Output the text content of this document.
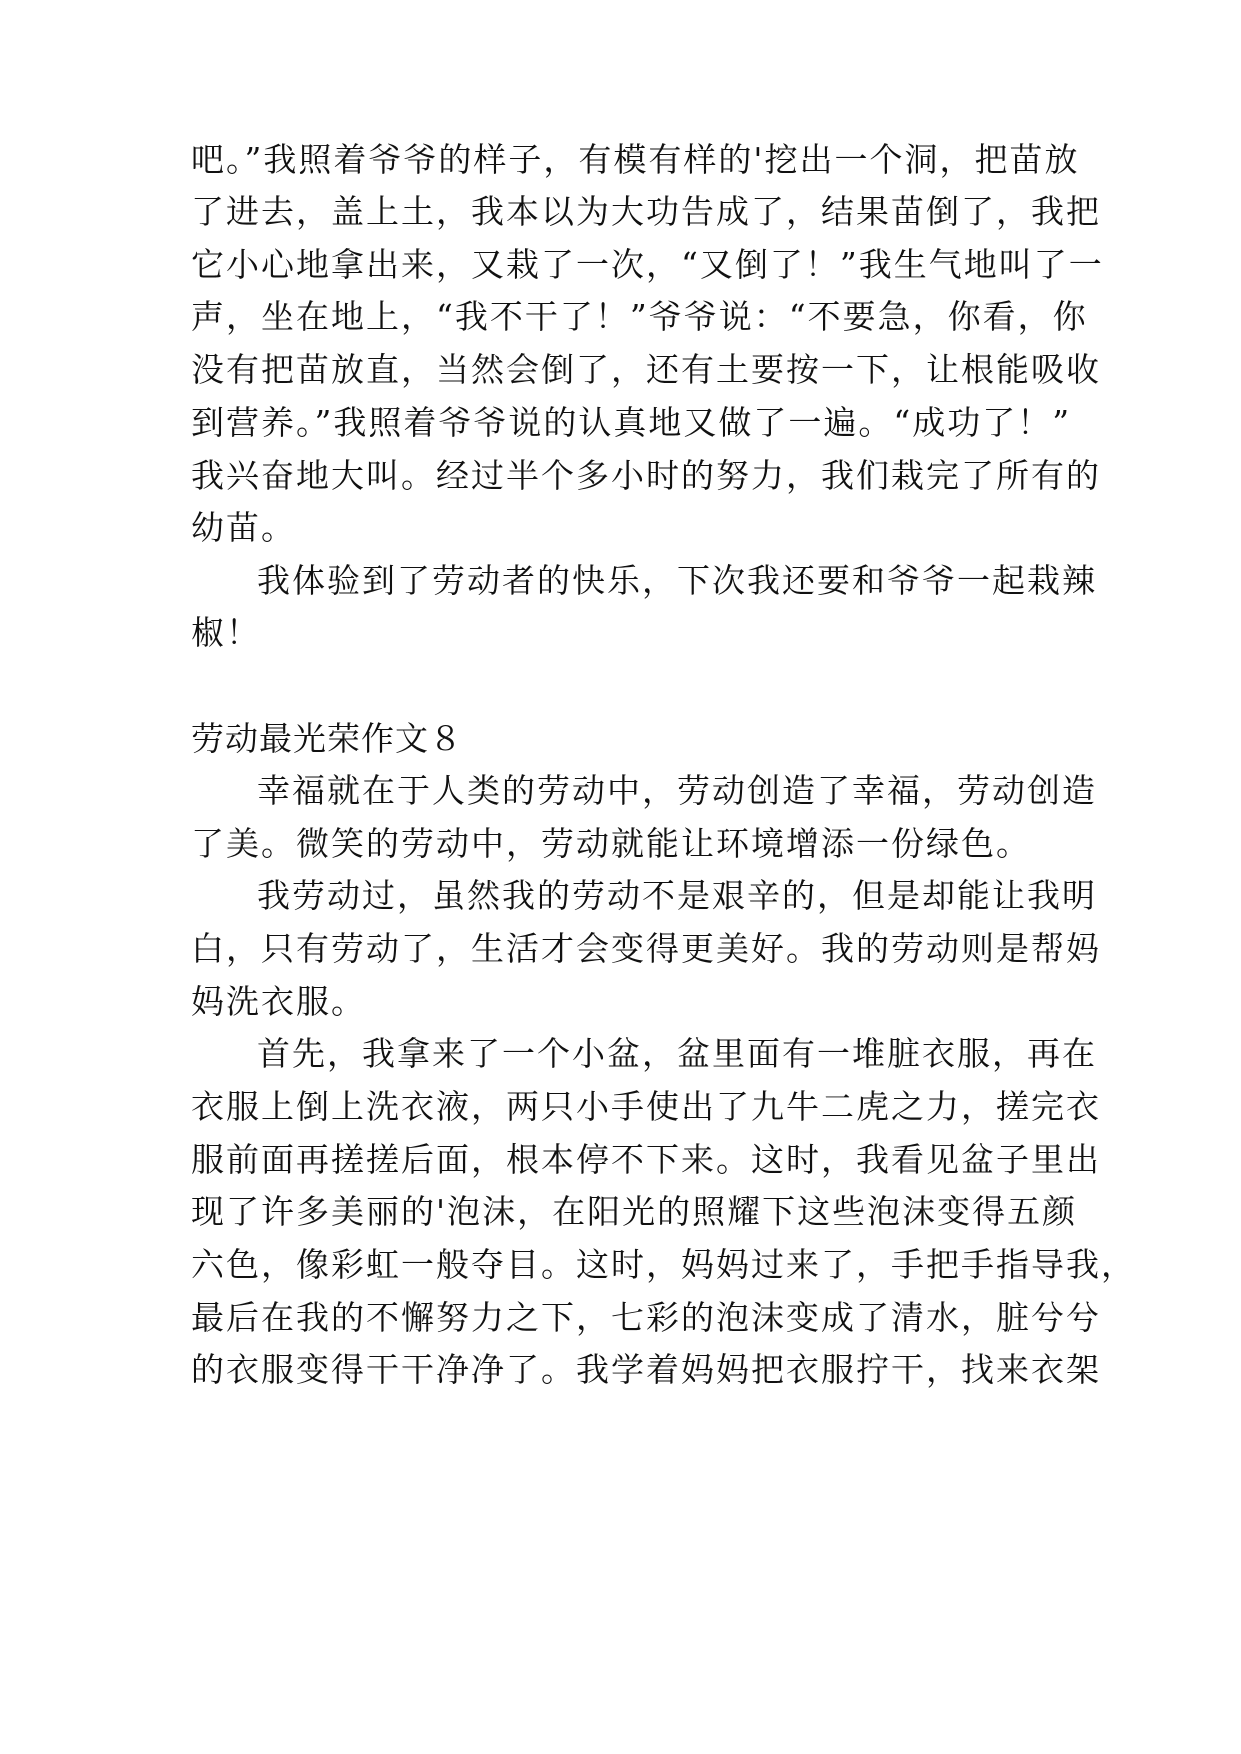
吧。”我照着爷爷的样子，有模有样的'挖出一个洞，把苗放
了进去，盖上土，我本以为大功告成了，结果苗倒了，我把
它小心地拿出来，又栽了一次，“又倒了！”我生气地叫了一
声，坐在地上，“我不干了！”爷爷说：“不要急，你看，你
没有把苗放直，当然会倒了，还有土要按一下，让根能吸收
到营养。”我照着爷爷说的认真地又做了一遍。“成功了！”
我兴奋地大叫。经过半个多小时的努力，我们栽完了所有的
幼苗。
我体验到了劳动者的快乐，下次我还要和爷爷一起栽辣
椒！
劳动最光荣作文８
幸福就在于人类的劳动中，劳动创造了幸福，劳动创造
了美。微笑的劳动中，劳动就能让环境增添一份绿色。
我劳动过，虽然我的劳动不是艰辛的，但是却能让我明
白，只有劳动了，生活才会变得更美好。我的劳动则是帮妈
妈洗衣服。
首先，我拿来了一个小盆，盆里面有一堆脏衣服，再在
衣服上倒上洗衣液，两只小手使出了九牛二虎之力，搓完衣
服前面再搓搓后面，根本停不下来。这时，我看见盆子里出
现了许多美丽的'泡沫，在阳光的照耀下这些泡沫变得五颜
六色，像彩虹一般夺目。这时，妈妈过来了，手把手指导我，
最后在我的不懈努力之下，七彩的泡沫变成了清水，脏兮兮
的衣服变得干干净净了。我学着妈妈把衣服拧干，找来衣架
